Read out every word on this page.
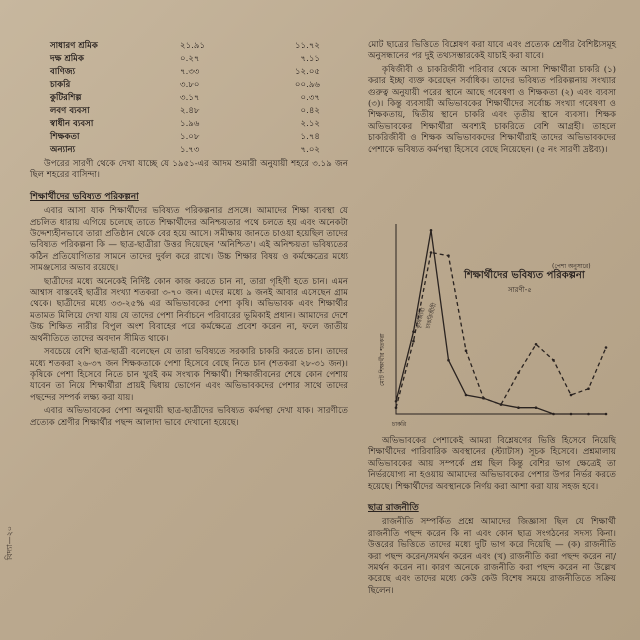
বিদ্যা—২০
সাধারণ শ্রমিক	২১.৯১	১১.৭২
দক্ষ শ্রমিক	০.২৭	৭.১১
বাণিজ্য	৭.৩৩	১২.০৫
চাকরি	৩.৮০	০০.৯৬
কুটিরশিল্প	৩.১৭	০.৩৭
লবণ ব্যবসা	২.৪৮	০.৪২
স্বাধীন ব্যবসা	১.৯৬	২.১২
শিক্ষকতা	১.০৮	১.৭৪
অন্যান্য	১.৭৩	৭.০২

উপরের সারণী থেকে দেখা যাচ্ছে যে ১৯৫১-এর আদম শুমারী অনুযায়ী শহরে ৩.১৯ জন ছিল শহরের বাসিন্দা।

শিক্ষার্থীদের ভবিষ্যত পরিকল্পনা

এবার আসা যাক শিক্ষার্থীদের ভবিষ্যত পরিকল্পনার প্রসঙ্গে। আমাদের শিক্ষা ব্যবস্থা যে প্রচলিত ধারায় এগিয়ে চলেছে তাতে শিক্ষার্থীদের অনিশ্চয়তার পথে চলতে হয় এবং অনেকটা উদ্দেশ্যহীনভাবে তারা প্রতিষ্ঠান থেকে বের হয়ে আসে। সমীক্ষায় জানতে চাওয়া হয়েছিল তাদের ভবিষ্যত পরিকল্পনা কি — ছাত্র-ছাত্রীরা উত্তর দিয়েছেন 'অনিশ্চিত'। এই অনিশ্চয়তা ভবিষ্যতের কঠিন প্রতিযোগিতার সামনে তাদের দুর্বল করে রাখে। উচ্চ শিক্ষার বিষয় ও কর্মক্ষেত্রের মধ্যে সামঞ্জস্যের অভাব রয়েছে।

ছাত্রীদের মধ্যে অনেকেই নির্দিষ্ট কোন কাজ করতে চান না, তারা গৃহিণী হতে চান। এমন আশ্বাস বাস্তবেই ছাত্রীর সংখ্যা শতকরা ৩-৭০ জন। এদের মধ্যে ৯ জনই আবার এসেছেন গ্রাম থেকে। ছাত্রীদের মধ্যে ৩৩-২৫% এর অভিভাবকের পেশা কৃষি। অভিভাবক এবং শিক্ষার্থীর মতামত মিলিয়ে দেখা যায় যে তাদের পেশা নির্বাচনে পরিবারের ভূমিকাই প্রধান। আমাদের দেশে উচ্চ শিক্ষিত নারীর বিপুল অংশ বিবাহের পরে কর্মক্ষেত্রে প্রবেশ করেন না, ফলে জাতীয় অর্থনীতিতে তাদের অবদান সীমিত থাকে।

সবচেয়ে বেশি ছাত্র-ছাত্রী বলেছেন যে তারা ভবিষ্যতে সরকারি চাকরি করতে চান। তাদের মধ্যে শতকরা ২৬-৩৭ জন শিক্ষকতাকে পেশা হিসেবে বেছে নিতে চান (শতকরা ২৮-৩১ জন)। কৃষিকে পেশা হিসেবে নিতে চান খুবই কম সংখ্যক শিক্ষার্থী। শিক্ষাজীবনের শেষে কোন পেশায় যাবেন তা নিয়ে শিক্ষার্থীরা প্রায়ই দ্বিধায় ভোগেন এবং অভিভাবকদের পেশার সাথে তাদের পছন্দের সম্পর্ক লক্ষ্য করা যায়।

এবার অভিভাবকের পেশা অনুযায়ী ছাত্র-ছাত্রীদের ভবিষ্যত কর্মপন্থা দেখা যাক। সারণীতে প্রত্যেক শ্রেণীর শিক্ষার্থীর পছন্দ আলাদা ভাবে দেখানো হয়েছে।

মোট ছাত্রের ভিত্তিতে বিশ্লেষণ করা যাবে এবং প্রত্যেক শ্রেণীর বৈশিষ্ট্যসমূহ অনুসন্ধানের পর দুই তথ্যসম্ভারকেই যাচাই করা যাবে।

কৃষিজীবী ও চাকরিজীবী পরিবার থেকে আসা শিক্ষার্থীরা চাকরি (১) করার ইচ্ছা ব্যক্ত করেছেন সর্বাধিক। তাদের ভবিষ্যত পরিকল্পনায় সংখ্যার গুরুত্ব অনুযায়ী পরের স্থানে আছে গবেষণা ও শিক্ষকতা (২) এবং ব্যবসা (৩)। কিন্তু ব্যবসায়ী অভিভাবকের শিক্ষার্থীদের সর্বোচ্চ সংখ্যা গবেষণা ও শিক্ষকতায়, দ্বিতীয় স্থানে চাকরি এবং তৃতীয় স্থানে ব্যবসা। শিক্ষক অভিভাবকের শিক্ষার্থীরা অবশ্যই চাকরিতে বেশি আগ্রহী। তাহলে চাকরিজীবী ও শিক্ষক অভিভাবকদের শিক্ষার্থীরাই তাদের অভিভাবকদের পেশাকে ভবিষ্যত কর্মপন্থা হিসেবে বেছে নিয়েছেন। (৫ নং সারণী দ্রষ্টব্য)।

শিক্ষার্থীদের ভবিষ্যত পরিকল্পনা
(পেশা অনুসারে)
সারণী-৫
মোট শিক্ষার্থীর শতকরা
চাকরি
কৃষিজীবী
চাকরিজীবী

অভিভাবকের পেশাকেই আমরা বিশ্লেষণের ভিত্তি হিসেবে নিয়েছি শিক্ষার্থীদের পারিবারিক অবস্থানের (স্ট্যাটাস) সূচক হিসেবে। প্রশ্নমালায় অভিভাবকের আয় সম্পর্কে প্রশ্ন ছিল কিন্তু বেশির ভাগ ক্ষেত্রেই তা নির্ভরযোগ্য না হওয়ায় আমাদের অভিভাবকের পেশার উপর নির্ভর করতে হয়েছে। শিক্ষার্থীদের অবস্থানকে নির্ণয় করা আশা করা যায় সহজ হবে।

ছাত্র রাজনীতি

রাজনীতি সম্পর্কিত প্রশ্নে আমাদের জিজ্ঞাসা ছিল যে শিক্ষার্থী রাজনীতি পছন্দ করেন কি না এবং কোন ছাত্র সংগঠনের সদস্য কিনা। উত্তরের ভিত্তিতে তাদের মধ্যে দুটি ভাগ করে দিয়েছি — (ক) রাজনীতি করা পছন্দ করেন/সমর্থন করেন এবং (খ) রাজনীতি করা পছন্দ করেন না/সমর্থন করেন না। কারণ অনেকে রাজনীতি করা পছন্দ করেন না উল্লেখ করেছে এবং তাদের মধ্যে কেউ কেউ বিশেষ সময়ে রাজনীতিতে সক্রিয় ছিলেন।
